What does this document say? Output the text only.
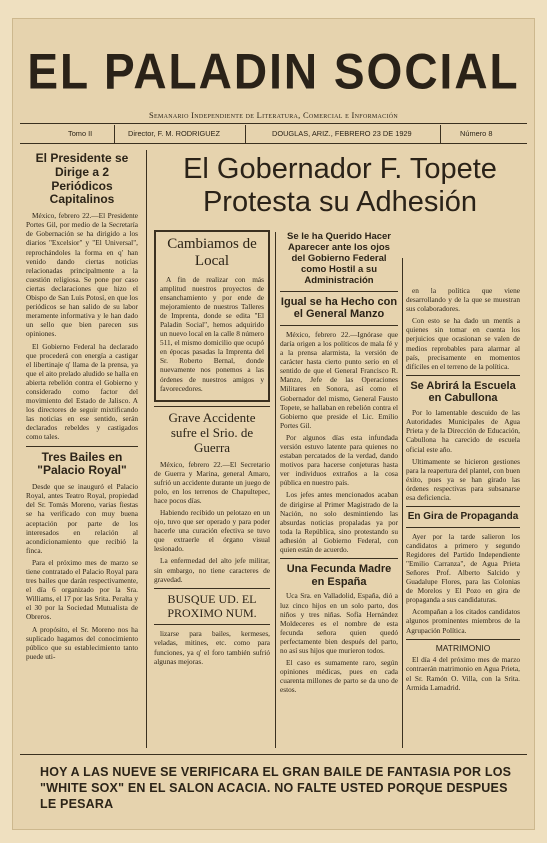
EL PALADIN SOCIAL
Semanario Independiente de Literatura, Comercial e Información
Tomo II	Director, F. M. RODRIGUEZ	DOUGLAS, ARIZ., FEBRERO 23 DE 1929	Número 8
El Presidente se Dirige a 2 Periódicos Capitalinos

México, febrero 22.—El Presidente Portes Gil, por medio de la Secretaría de Gobernación se ha dirigido a los diarios "Excelsior" y "El Universal", reprochándoles la forma en q' han venido dando ciertas noticias relacionadas principalmente a la cuestión religiosa. Se pone por caso ciertas declaraciones que hizo el Obispo de San Luis Potosí, en que los periódicos se han salido de su labor meramente informativa y le han dado un sello que bien parecen sus opiniones.

El Gobierno Federal ha declarado que procederá con energía a castigar el libertinaje q' llama de la prensa, ya que el aito prelado aludido se halla en abierta rebelión contra el Gobierno y considerado como factor del movimiento del Estado de Jalisco. A los directores de seguir mixtificando las noticias en ese sentido, serán declarados rebeldes y castigados como tales.

Tres Bailes en "Palacio Royal"

Desde que se inauguró el Palacio Royal, antes Teatro Royal, propiedad del Sr. Tomás Moreno, varias fiestas se ha verificado con muy buena aceptación por parte de los interesados en relación al acondicionamiento que recibió la finca.

Para el próximo mes de marzo se tiene contratado el Palacio Royal para tres bailes que darán respectivamente, el día 6 organizado por la Sra. Williams, el 17 por las Srita. Peralta y el 30 por la Sociedad Mutualista de Obreros.

A propósito, el Sr. Moreno nos ha suplicado hagamos del conocimiento público que su establecimiento tanto puede uti-

El Gobernador F. Topete Protesta su Adhesión
Cambiamos de Local

A fin de realizar con más amplitud nuestros proyectos de ensanchamiento y por ende de mejoramiento de nuestros Talleres de Imprenta, donde se edita "El Paladin Social", hemos adquirido un nuevo local en la calle 8 número 511, el mismo domicilio que ocupó en épocas pasadas la Imprenta del Sr. Roberto Bernal, donde nuevamente nos ponemos a las órdenes de nuestros amigos y favorecedores.

Grave Accidente sufre el Srio. de Guerra

México, febrero 22.—El Secretario de Guerra y Marina, general Amaro, sufrió un accidente durante un juego de polo, en los terrenos de Chapultepec, hace pocos días.

Habiendo recibido un pelotazo en un ojo, tuvo que ser operado y para poder hacerle una curación efectiva se tuvo que extraerle el órgano visual lesionado.

La enfermedad del alto jefe militar, sin embargo, no tiene caracteres de gravedad.

BUSQUE UD. EL PROXIMO NUM.

lizarse para bailes, kermeses, veladas, mitines, etc. como para funciones, ya q' el foro también sufrió algunas mejoras.

Se le ha Querido Hacer Aparecer ante los ojos del Gobierno Federal como Hostil a su Administración
Igual se ha Hecho con el General Manzo

México, febrero 22.—Ignórase que daría origen a los políticos de mala fé y a la prensa alarmista, la versión de carácter hasta cierto punto serio en el sentido de que el General Francisco R. Manzo, Jefe de las Operaciones Militares en Sonora, así como el Gobernador del mismo, General Fausto Topete, se hallaban en rebelión contra el Gobierno que preside el Lic. Emilio Portes Gil.

Por algunos días esta infundada versión estuvo latente para quienes no estaban percatados de la verdad, dando motivos para hacerse conjeturas hasta ver individuos extraños a la cosa pública en nuestro país.

Los jefes antes mencionados acaban de dirigirse al Primer Magistrado de la Nación, no solo desmintiendo las absurdas noticias propaladas ya por toda la República, sino protestando su adhesión al Gobierno Federal, con quien están de acuerdo.

Una Fecunda Madre en España

Uca Sra. en Valladolid, España, dió a luz cinco hijos en un solo parto, dos niños y tres niñas. Sofía Hernández Moldeceres es el nombre de esta fecunda señora quien quedó perfectamente bien después del parto, no así sus hijos que murieron todos.

El caso es sumamente raro, según opiniones médicas, pues en cada cuarenta millones de parto se da uno de estos.

en la política que viene desarrollando y de la que se muestran sus colaboradores.

Con esto se ha dado un mentís a quienes sin tomar en cuenta los perjuicios que ocasionan se valen de medios reprobables para alarmar al país, precisamente en momentos difíciles en el terreno de la política.

Se Abrirá la Escuela en Cabullona

Por lo lamentable descuido de las Autoridades Municipales de Agua Prieta y de la Dirección de Educación, Cabullona ha carecido de escuela oficial este año.

Ultimamente se hicieron gestiones para la reapertura del plantel, con buen éxito, pues ya se han girado las órdenes respectivas para subsanarse esa deficiencia.

En Gira de Propaganda

Ayer por la tarde salieron los candidatos a primero y segundo Regidores del Partido Independiente "Emilio Carranza", de Agua Prieta Señores Prof. Alberto Salcido y Guadalupe Flores, para las Colonias de Morelos y El Pozo en gira de propaganda a sus candidaturas.

Acompañan a los citados candidatos algunos prominentes miembros de la Agrupación Política.

MATRIMONIO

El día 4 del próximo mes de marzo contraerán matrimonio en Agua Prieta, el Sr. Ramón O. Villa, con la Srita. Armida Lamadrid.

HOY A LAS NUEVE SE VERIFICARA EL GRAN BAILE DE FANTASIA POR LOS "WHITE SOX" EN EL SALON ACACIA. NO FALTE USTED PORQUE DESPUES LE PESARA
